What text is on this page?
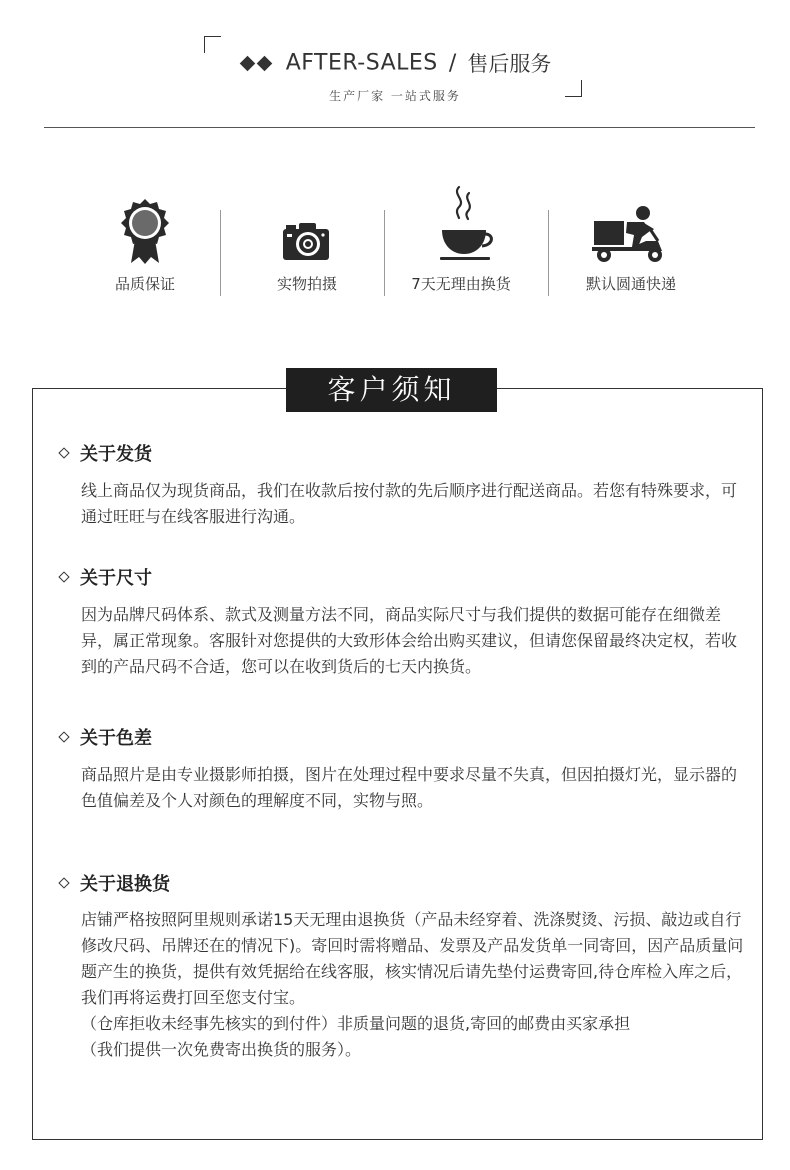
AFTER-SALES / 售后服务
生产厂家 一站式服务
品质保证	实物拍摄	7天无理由换货	默认圆通快递
客户须知
关于发货

线上商品仅为现货商品，我们在收款后按付款的先后顺序进行配送商品。若您有特殊要求，可通过旺旺与在线客服进行沟通。

关于尺寸

因为品牌尺码体系、款式及测量方法不同，商品实际尺寸与我们提供的数据可能存在细微差异，属正常现象。客服针对您提供的大致形体会给出购买建议，但请您保留最终决定权，若收到的产品尺码不合适，您可以在收到货后的七天内换货。

关于色差

商品照片是由专业摄影师拍摄，图片在处理过程中要求尽量不失真，但因拍摄灯光，显示器的色值偏差及个人对颜色的理解度不同，实物与照。

关于退换货

店铺严格按照阿里规则承诺15天无理由退换货（产品未经穿着、洗涤熨烫、污损、敲边或自行修改尺码、吊牌还在的情况下)。寄回时需将赠品、发票及产品发货单一同寄回，因产品质量问题产生的换货，提供有效凭据给在线客服，核实情况后请先垫付运费寄回,待仓库检入库之后，我们再将运费打回至您支付宝。

（仓库拒收未经事先核实的到付件）非质量问题的退货,寄回的邮费由买家承担

（我们提供一次免费寄出换货的服务）。
